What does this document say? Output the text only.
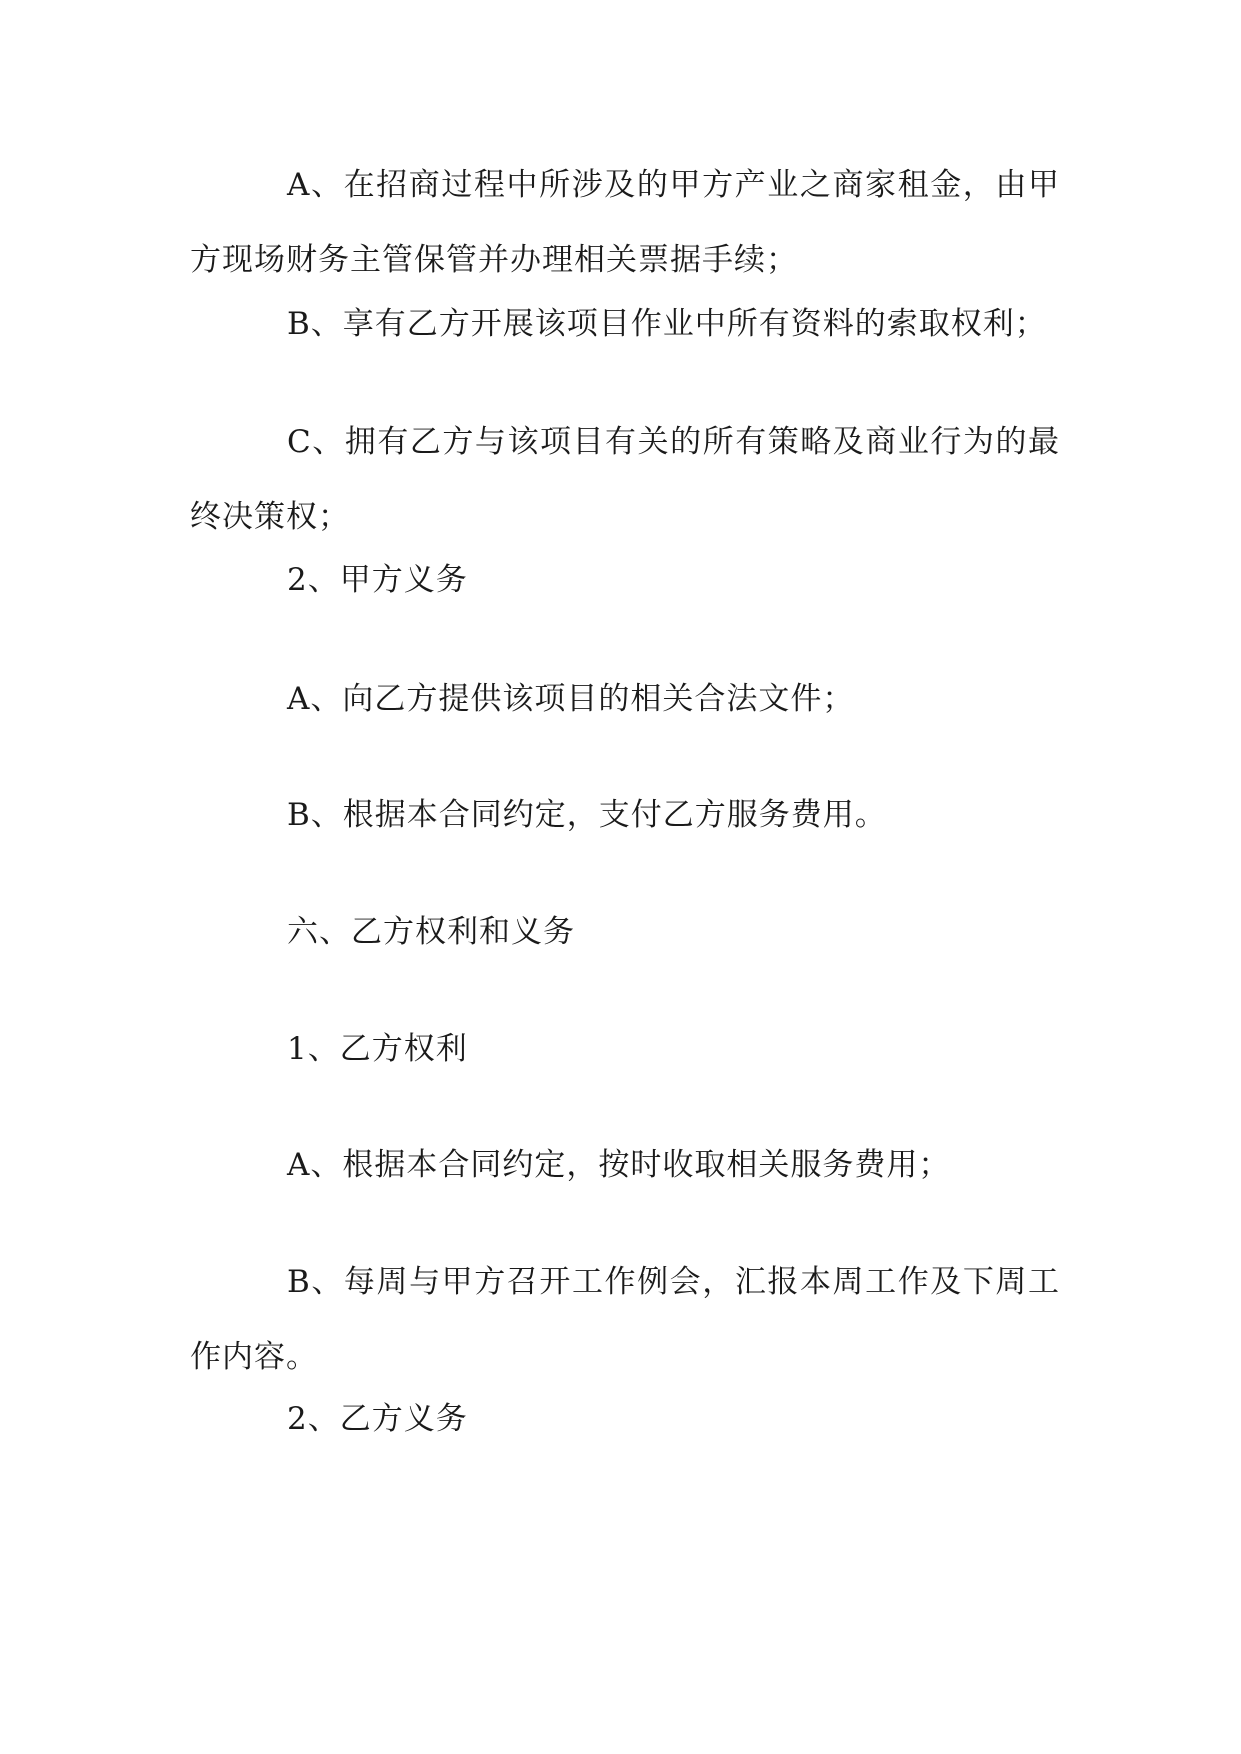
A、在招商过程中所涉及的甲方产业之商家租金，由甲方现场财务主管保管并办理相关票据手续；

B、享有乙方开展该项目作业中所有资料的索取权利；

C、拥有乙方与该项目有关的所有策略及商业行为的最终决策权；

2、甲方义务

A、向乙方提供该项目的相关合法文件；

B、根据本合同约定，支付乙方服务费用。

六、乙方权利和义务

1、乙方权利

A、根据本合同约定，按时收取相关服务费用；

B、每周与甲方召开工作例会，汇报本周工作及下周工作内容。

2、乙方义务
